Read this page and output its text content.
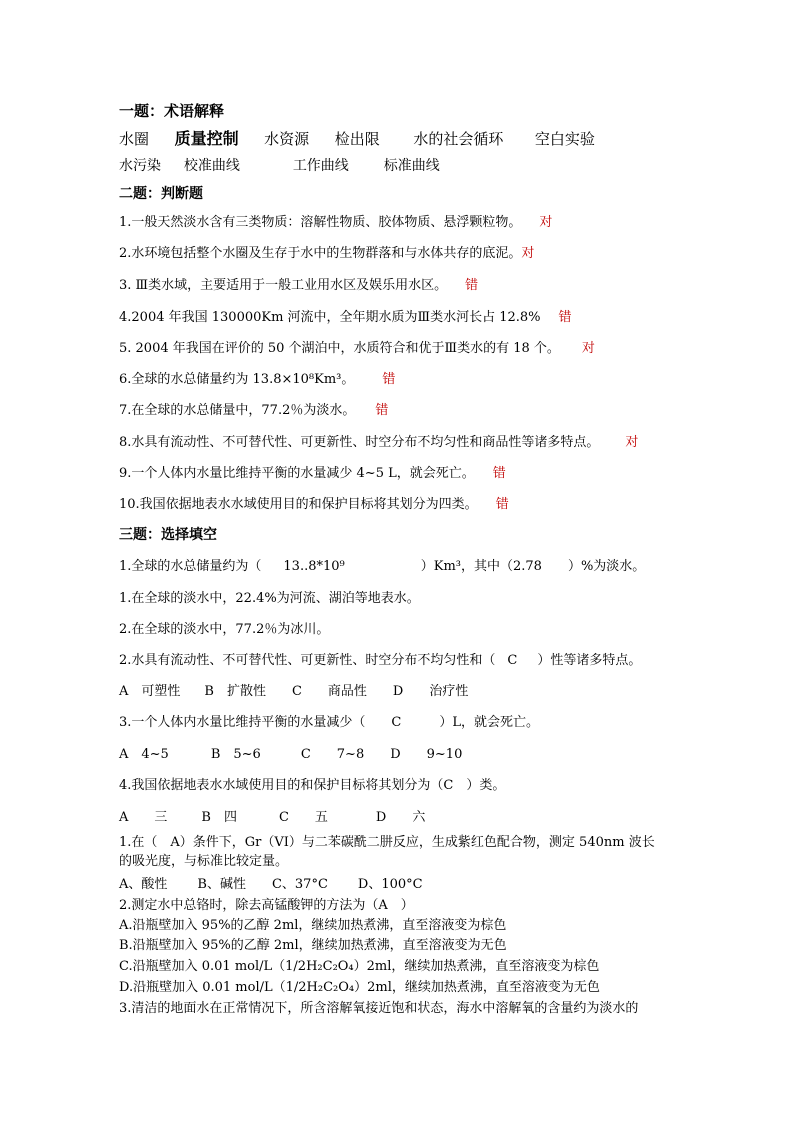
一题：术语解释
水圈 质量控制 水资源 检出限 水的社会循环 空白实验
水污染 校准曲线	工作曲线 标准曲线
二题：判断题
1.一般天然淡水含有三类物质：溶解性物质、胶体物质、悬浮颗粒物。 对
2.水环境包括整个水圈及生存于水中的生物群落和与水体共存的底泥。对
3. Ⅲ类水域，主要适用于一般工业用水区及娱乐用水区。 错
4.2004 年我国 130000Km 河流中，全年期水质为Ⅲ类水河长占 12.8% 错
5. 2004 年我国在评价的 50 个湖泊中，水质符合和优于Ⅲ类水的有 18 个。 对
6.全球的水总储量约为 13.8×10⁸Km³。 错
7.在全球的水总储量中，77.2％为淡水。 错
8.水具有流动性、不可替代性、可更新性、时空分布不均匀性和商品性等诸多特点。 对
9.一个人体内水量比维持平衡的水量减少 4~5 L，就会死亡。 错
10.我国依据地表水水域使用目的和保护目标将其划分为四类。 错
三题：选择填空
1.全球的水总储量约为（ 13..8*10⁹	）Km³，其中（2.78 ）%为淡水。
1.在全球的淡水中，22.4%为河流、湖泊等地表水。
2.在全球的淡水中，77.2％为冰川。
2.水具有流动性、不可替代性、可更新性、时空分布不均匀性和（ C ）性等诸多特点。
A　可塑性 B　扩散性 C　　商品性 D　　治疗性
3.一个人体内水量比维持平衡的水量减少（ C	）L，就会死亡。
A　4~5	B　5~6	C　　7~8 D　　9~10
4.我国依据地表水水域使用目的和保护目标将其划分为（C　）类。
A　　三	B　四	C　　五	D　　六
1.在（　A）条件下，Gr（VI）与二苯碳酰二肼反应，生成紫红色配合物，测定 540nm 波长
的吸光度，与标准比较定量。
A、酸性 B、碱性 C、37°C D、100°C
2.测定水中总铬时，除去高锰酸钾的方法为（A　）
A.沿瓶壁加入 95%的乙醇 2ml，继续加热煮沸，直至溶液变为棕色
B.沿瓶壁加入 95%的乙醇 2ml，继续加热煮沸，直至溶液变为无色
C.沿瓶壁加入 0.01 mol/L（1/2H₂C₂O₄）2ml，继续加热煮沸，直至溶液变为棕色
D.沿瓶壁加入 0.01 mol/L（1/2H₂C₂O₄）2ml，继续加热煮沸，直至溶液变为无色
3.清洁的地面水在正常情况下，所含溶解氧接近饱和状态，海水中溶解氧的含量约为淡水的
